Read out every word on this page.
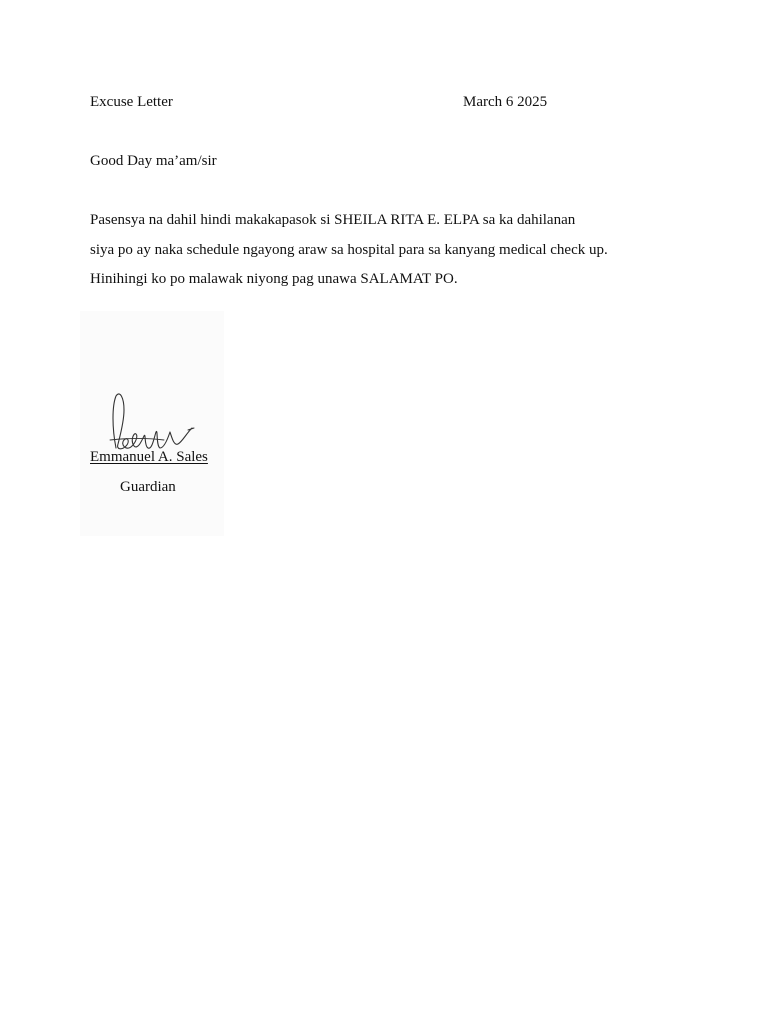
Excuse Letter	March 6 2025
Good Day ma’am/sir
Pasensya na dahil hindi makakapasok si SHEILA RITA E. ELPA sa ka dahilanan
siya po ay naka schedule ngayong araw sa hospital para sa kanyang medical check up.
Hinihingi ko po malawak niyong pag unawa SALAMAT PO.
Emmanuel A. Sales
Guardian
